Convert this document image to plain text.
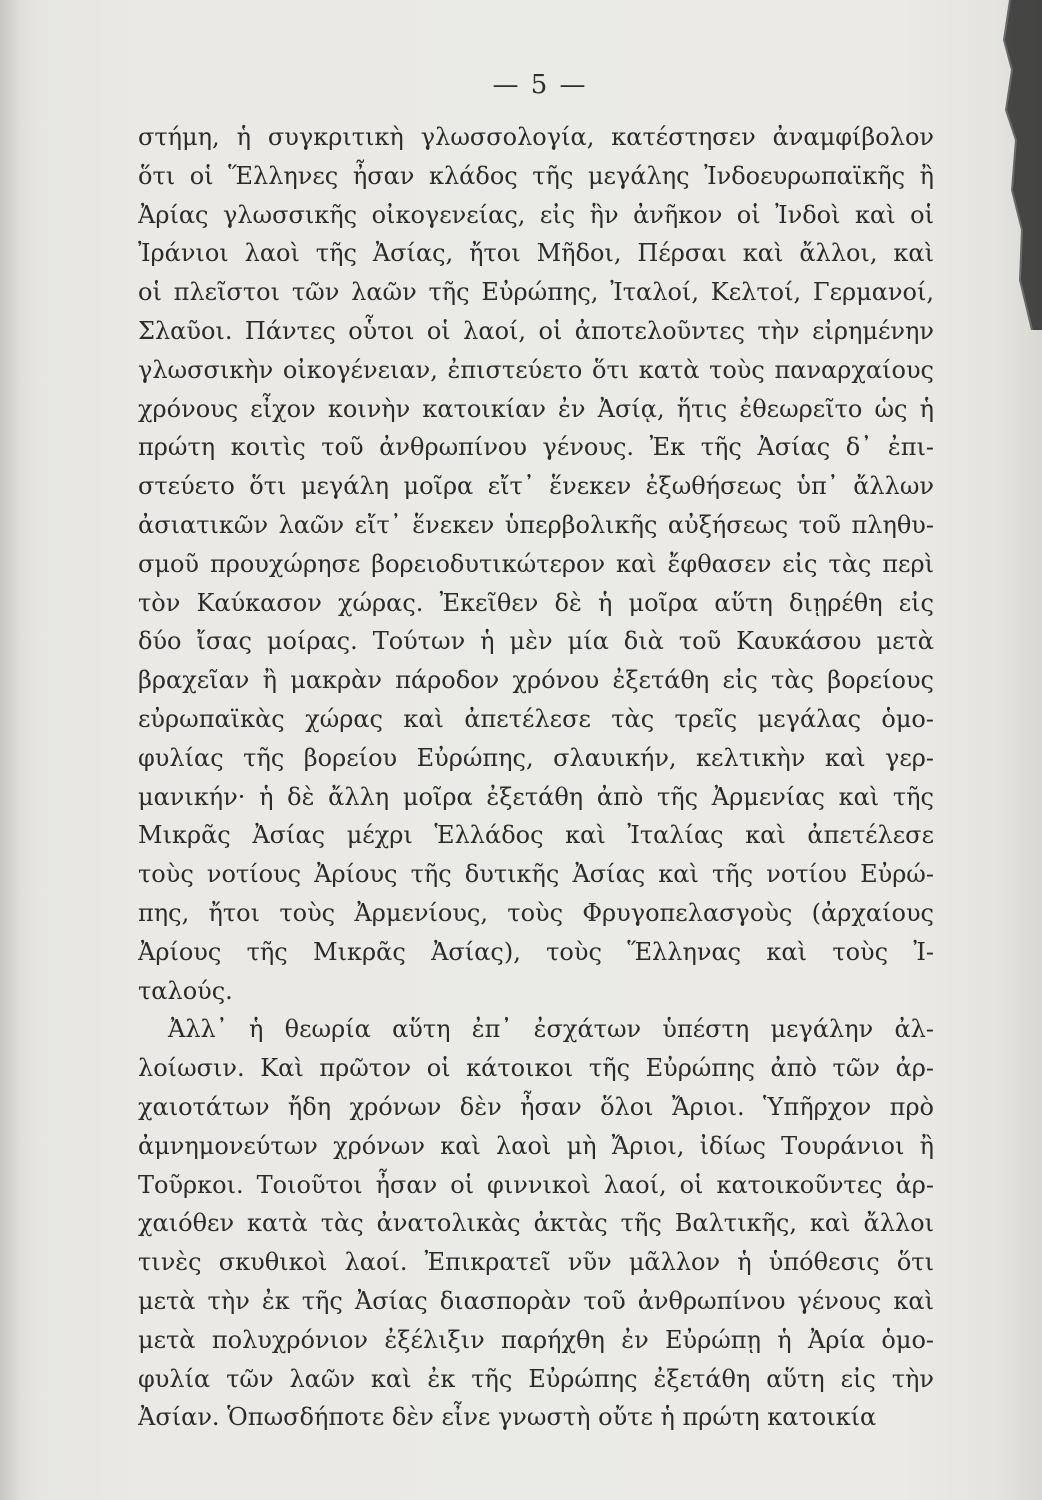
— 5 —
στήμη, ἡ συγκριτικὴ γλωσσολογία, κατέστησεν ἀναμφίβολον
ὅτι οἱ Ἕλληνες ἦσαν κλάδος τῆς μεγάλης Ἰνδοευρωπαϊκῆς ἢ
Ἀρίας γλωσσικῆς οἰκογενείας, εἰς ἣν ἀνῆκον οἱ Ἰνδοὶ καὶ οἱ
Ἰράνιοι λαοὶ τῆς Ἀσίας, ἤτοι Μῆδοι, Πέρσαι καὶ ἄλλοι, καὶ
οἱ πλεῖστοι τῶν λαῶν τῆς Εὐρώπης, Ἰταλοί, Κελτοί, Γερμανοί,
Σλαῦοι. Πάντες οὗτοι οἱ λαοί, οἱ ἀποτελοῦντες τὴν εἰρημένην
γλωσσικὴν οἰκογένειαν, ἐπιστεύετο ὅτι κατὰ τοὺς παναρχαίους
χρόνους εἶχον κοινὴν κατοικίαν ἐν Ἀσίᾳ, ἥτις ἐθεωρεῖτο ὡς ἡ
πρώτη κοιτὶς τοῦ ἀνθρωπίνου γένους. Ἐκ τῆς Ἀσίας δ᾽ ἐπι-
στεύετο ὅτι μεγάλη μοῖρα εἴτ᾽ ἕνεκεν ἐξωθήσεως ὑπ᾽ ἄλλων
ἀσιατικῶν λαῶν εἴτ᾽ ἕνεκεν ὑπερβολικῆς αὐξήσεως τοῦ πληθυ-
σμοῦ προυχώρησε βορειοδυτικώτερον καὶ ἔφθασεν εἰς τὰς περὶ
τὸν Καύκασον χώρας. Ἐκεῖθεν δὲ ἡ μοῖρα αὕτη διῃρέθη εἰς
δύο ἴσας μοίρας. Τούτων ἡ μὲν μία διὰ τοῦ Καυκάσου μετὰ
βραχεῖαν ἢ μακρὰν πάροδον χρόνου ἐξετάθη εἰς τὰς βορείους
εὐρωπαϊκὰς χώρας καὶ ἀπετέλεσε τὰς τρεῖς μεγάλας ὁμο-
φυλίας τῆς βορείου Εὐρώπης, σλαυικήν, κελτικὴν καὶ γερ-
μανικήν· ἡ δὲ ἄλλη μοῖρα ἐξετάθη ἀπὸ τῆς Ἀρμενίας καὶ τῆς
Μικρᾶς Ἀσίας μέχρι Ἑλλάδος καὶ Ἰταλίας καὶ ἀπετέλεσε
τοὺς νοτίους Ἀρίους τῆς δυτικῆς Ἀσίας καὶ τῆς νοτίου Εὐρώ-
πης, ἤτοι τοὺς Ἀρμενίους, τοὺς Φρυγοπελασγοὺς (ἀρχαίους
Ἀρίους τῆς Μικρᾶς Ἀσίας), τοὺς Ἕλληνας καὶ τοὺς Ἰ-
ταλούς.
Ἀλλ᾽ ἡ θεωρία αὕτη ἐπ᾽ ἐσχάτων ὑπέστη μεγάλην ἀλ-
λοίωσιν. Καὶ πρῶτον οἱ κάτοικοι τῆς Εὐρώπης ἀπὸ τῶν ἀρ-
χαιοτάτων ἤδη χρόνων δὲν ἦσαν ὅλοι Ἄριοι. Ὑπῆρχον πρὸ
ἀμνημονεύτων χρόνων καὶ λαοὶ μὴ Ἄριοι, ἰδίως Τουράνιοι ἢ
Τοῦρκοι. Τοιοῦτοι ἦσαν οἱ φιννικοὶ λαοί, οἱ κατοικοῦντες ἀρ-
χαιόθεν κατὰ τὰς ἀνατολικὰς ἀκτὰς τῆς Βαλτικῆς, καὶ ἄλλοι
τινὲς σκυθικοὶ λαοί. Ἐπικρατεῖ νῦν μᾶλλον ἡ ὑπόθεσις ὅτι
μετὰ τὴν ἐκ τῆς Ἀσίας διασπορὰν τοῦ ἀνθρωπίνου γένους καὶ
μετὰ πολυχρόνιον ἐξέλιξιν παρήχθη ἐν Εὐρώπῃ ἡ Ἀρία ὁμο-
φυλία τῶν λαῶν καὶ ἐκ τῆς Εὐρώπης ἐξετάθη αὕτη εἰς τὴν
Ἀσίαν. Ὁπωσδήποτε δὲν εἶνε γνωστὴ οὔτε ἡ πρώτη κατοικία
